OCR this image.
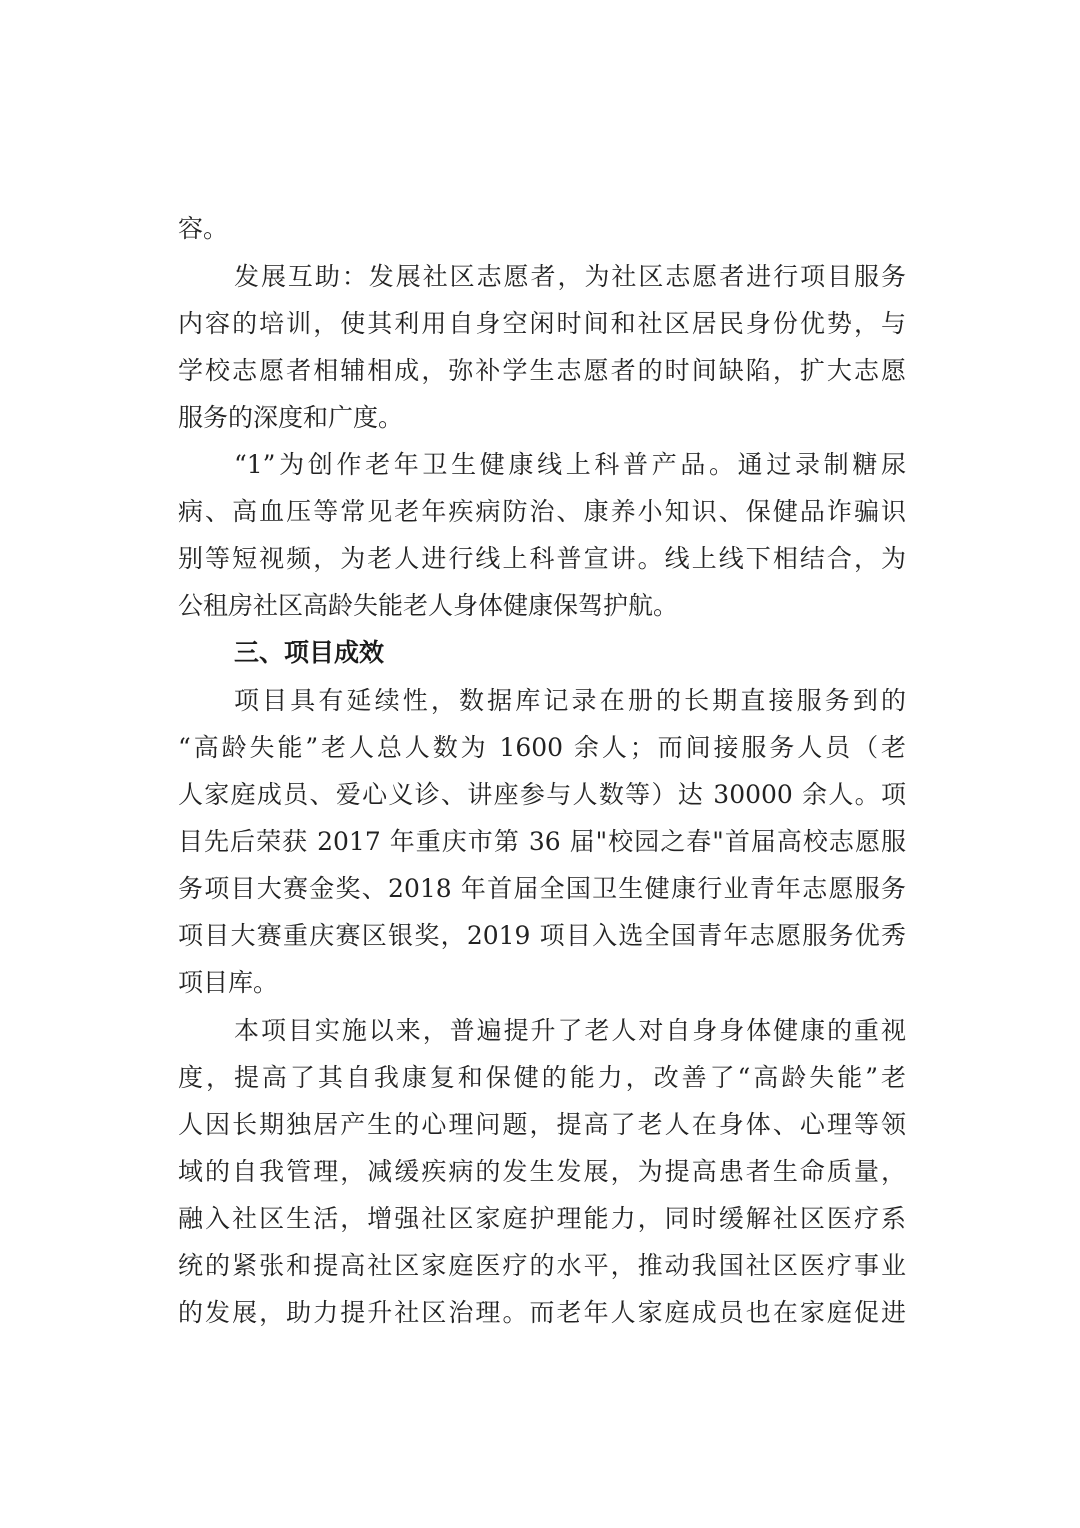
容。
发展互助：发展社区志愿者，为社区志愿者进行项目服务
内容的培训，使其利用自身空闲时间和社区居民身份优势，与
学校志愿者相辅相成，弥补学生志愿者的时间缺陷，扩大志愿
服务的深度和广度。
“1”为创作老年卫生健康线上科普产品。通过录制糖尿
病、高血压等常见老年疾病防治、康养小知识、保健品诈骗识
别等短视频，为老人进行线上科普宣讲。线上线下相结合，为
公租房社区高龄失能老人身体健康保驾护航。
三、项目成效
项目具有延续性，数据库记录在册的长期直接服务到的
“高龄失能”老人总人数为 1600 余人；而间接服务人员（老
人家庭成员、爱心义诊、讲座参与人数等）达 30000 余人。项
目先后荣获 2017 年重庆市第 36 届"校园之春"首届高校志愿服
务项目大赛金奖、2018 年首届全国卫生健康行业青年志愿服务
项目大赛重庆赛区银奖，2019 项目入选全国青年志愿服务优秀
项目库。
本项目实施以来，普遍提升了老人对自身身体健康的重视
度，提高了其自我康复和保健的能力，改善了“高龄失能”老
人因长期独居产生的心理问题，提高了老人在身体、心理等领
域的自我管理，减缓疾病的发生发展，为提高患者生命质量，
融入社区生活，增强社区家庭护理能力，同时缓解社区医疗系
统的紧张和提高社区家庭医疗的水平，推动我国社区医疗事业
的发展，助力提升社区治理。而老年人家庭成员也在家庭促进
